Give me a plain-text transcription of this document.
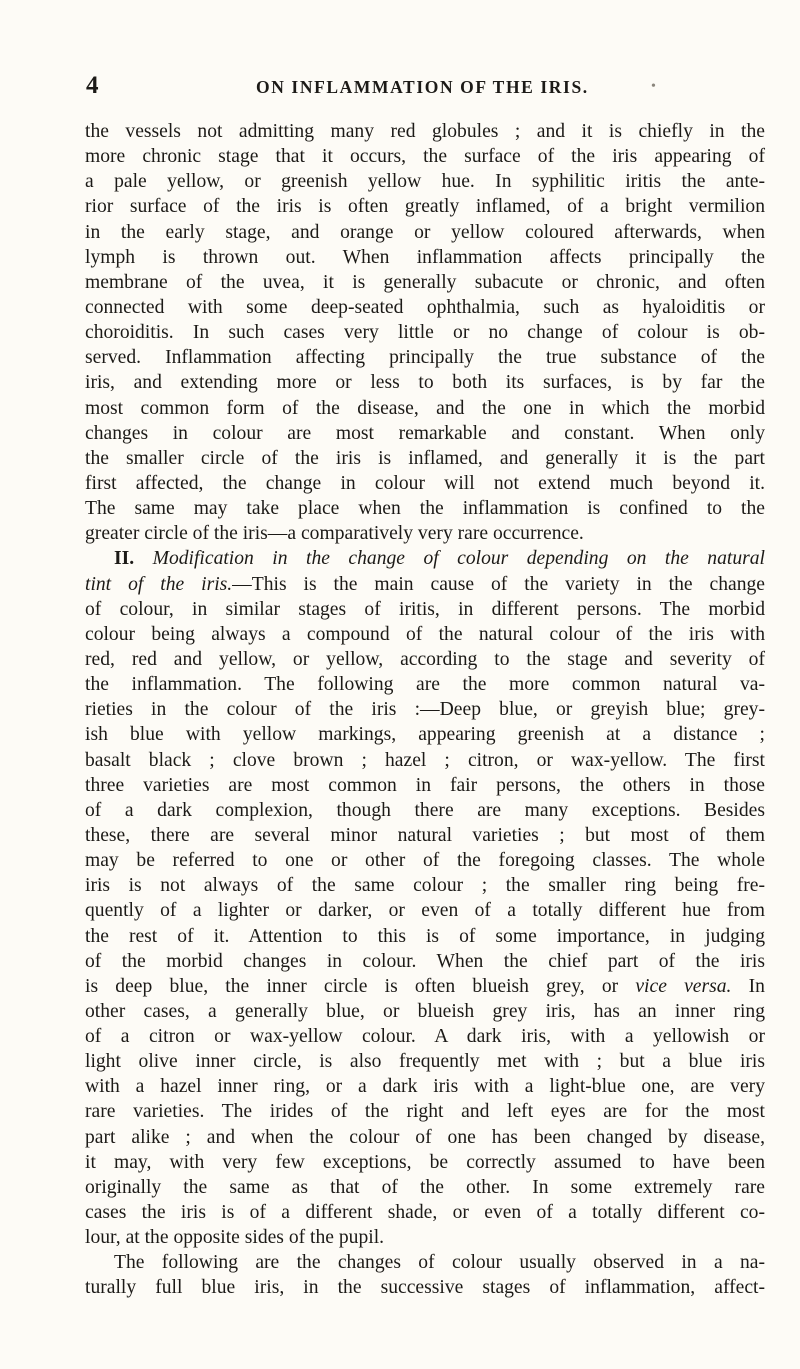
4	ON INFLAMMATION OF THE IRIS.	•
the vessels not admitting many red globules ; and it is chiefly in the
more chronic stage that it occurs, the surface of the iris appearing of
a pale yellow, or greenish yellow hue. In syphilitic iritis the ante-
rior surface of the iris is often greatly inflamed, of a bright vermilion
in the early stage, and orange or yellow coloured afterwards, when
lymph is thrown out. When inflammation affects principally the
membrane of the uvea, it is generally subacute or chronic, and often
connected with some deep-seated ophthalmia, such as hyaloiditis or
choroiditis. In such cases very little or no change of colour is ob-
served. Inflammation affecting principally the true substance of the
iris, and extending more or less to both its surfaces, is by far the
most common form of the disease, and the one in which the morbid
changes in colour are most remarkable and constant. When only
the smaller circle of the iris is inflamed, and generally it is the part
first affected, the change in colour will not extend much beyond it.
The same may take place when the inflammation is confined to the
greater circle of the iris—a comparatively very rare occurrence.
II. Modification in the change of colour depending on the natural
tint of the iris.—This is the main cause of the variety in the change
of colour, in similar stages of iritis, in different persons. The morbid
colour being always a compound of the natural colour of the iris with
red, red and yellow, or yellow, according to the stage and severity of
the inflammation. The following are the more common natural va-
rieties in the colour of the iris :—Deep blue, or greyish blue; grey-
ish blue with yellow markings, appearing greenish at a distance ;
basalt black ; clove brown ; hazel ; citron, or wax-yellow. The first
three varieties are most common in fair persons, the others in those
of a dark complexion, though there are many exceptions. Besides
these, there are several minor natural varieties ; but most of them
may be referred to one or other of the foregoing classes. The whole
iris is not always of the same colour ; the smaller ring being fre-
quently of a lighter or darker, or even of a totally different hue from
the rest of it. Attention to this is of some importance, in judging
of the morbid changes in colour. When the chief part of the iris
is deep blue, the inner circle is often blueish grey, or vice versa. In
other cases, a generally blue, or blueish grey iris, has an inner ring
of a citron or wax-yellow colour. A dark iris, with a yellowish or
light olive inner circle, is also frequently met with ; but a blue iris
with a hazel inner ring, or a dark iris with a light-blue one, are very
rare varieties. The irides of the right and left eyes are for the most
part alike ; and when the colour of one has been changed by disease,
it may, with very few exceptions, be correctly assumed to have been
originally the same as that of the other. In some extremely rare
cases the iris is of a different shade, or even of a totally different co-
lour, at the opposite sides of the pupil.
The following are the changes of colour usually observed in a na-
turally full blue iris, in the successive stages of inflammation, affect-
